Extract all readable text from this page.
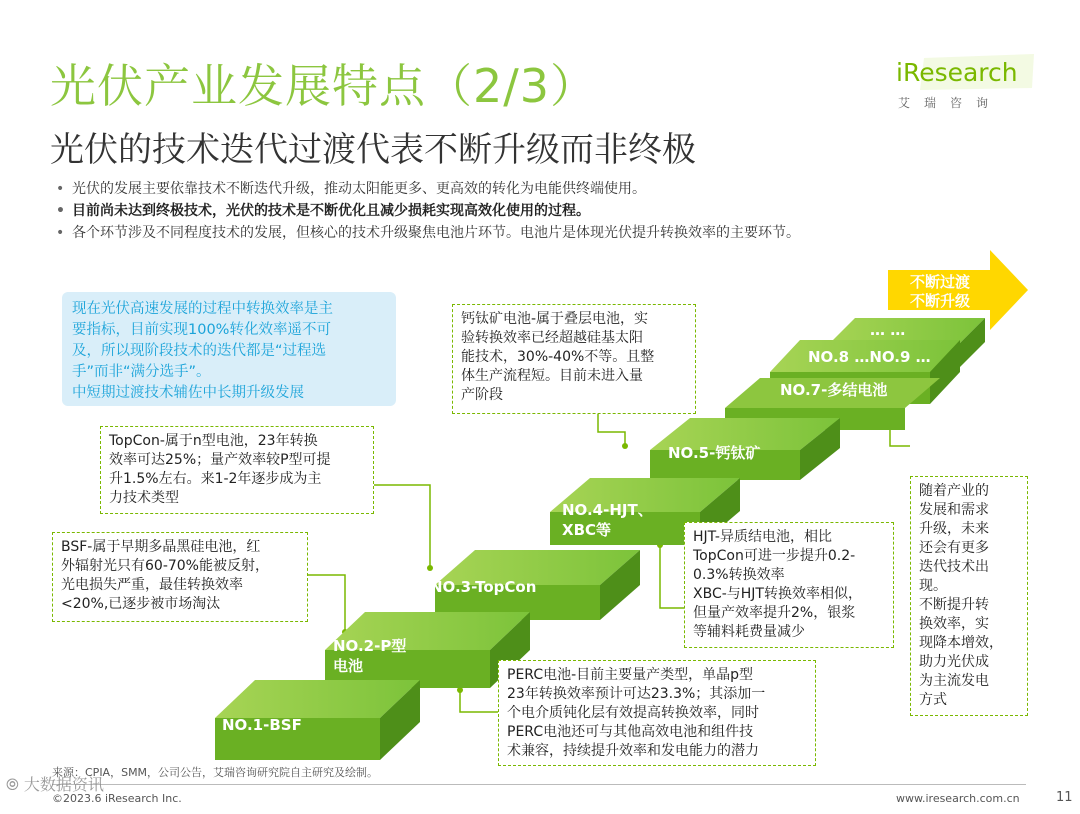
光伏产业发展特点（2/3）
光伏的技术迭代过渡代表不断升级而非终极
iResearch
艾瑞咨询
• 光伏的发展主要依靠技术不断迭代升级，推动太阳能更多、更高效的转化为电能供终端使用。
• 目前尚未达到终极技术，光伏的技术是不断优化且减少损耗实现高效化使用的过程。
• 各个环节涉及不同程度技术的发展，但核心的技术升级聚焦电池片环节。电池片是体现光伏提升转换效率的主要环节。
现在光伏高速发展的过程中转换效率是主
要指标，目前实现100%转化效率遥不可
及，所以现阶段技术的迭代都是“过程选
手”而非“满分选手”。
中短期过渡技术辅佐中长期升级发展
NO.1-BSF
NO.2-P型
电池
NO.3-TopCon
NO.4-HJT、
XBC等
NO.5-钙钛矿
NO.7-多结电池
NO.8 …NO.9 …
… …
不断过渡
不断升级
BSF-属于早期多晶黑硅电池，红
外辐射光只有60-70%能被反射，
光电损失严重，最佳转换效率
<20%,已逐步被市场淘汰
TopCon-属于n型电池，23年转换
效率可达25%；量产效率较P型可提
升1.5%左右。来1-2年逐步成为主
力技术类型
钙钛矿电池-属于叠层电池，实
验转换效率已经超越硅基太阳
能技术，30%-40%不等。且整
体生产流程短。目前未进入量
产阶段
HJT-异质结电池，相比
TopCon可进一步提升0.2-
0.3%转换效率
XBC-与HJT转换效率相似，
但量产效率提升2%，银浆
等辅料耗费量减少
PERC电池-目前主要量产类型，单晶p型
23年转换效率预计可达23.3%；其添加一
个电介质钝化层有效提高转换效率，同时
PERC电池还可与其他高效电池和组件技
术兼容，持续提升效率和发电能力的潜力
随着产业的
发展和需求
升级，未来
还会有更多
迭代技术出
现。
不断提升转
换效率，实
现降本增效，
助力光伏成
为主流发电
方式
来源：CPIA，SMM，公司公告，艾瑞咨询研究院自主研究及绘制。
©2023.6 iResearch Inc.	www.iresearch.com.cn	11
⦾ 大数据资讯
